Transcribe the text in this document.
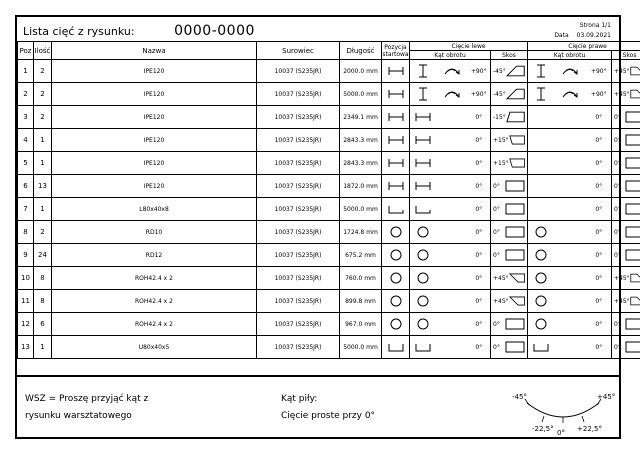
Lista cięć z rysunku:	0000-0000	Strona 1/1
Data 03.09.2021
Poz	Ilość	Nazwa	Surowiec	Długość	Pozycja
startowa	Cięcie lewe				Cięcie prawe			
						Kąt obrotu			Skos	Kąt obrotu			Skos
1	2	IPE120	10037 (S235JR)	2000.0 mm				+90°	-45°			+90°	+45°

2	2	IPE120	10037 (S235JR)	5000.0 mm				+90°	-45°			+90°	+45°

3	2	IPE120	10037 (S235JR)	2349.1 mm				0°	-15°			0°	0°

4	1	IPE120	10037 (S235JR)	2843.3 mm				0°	+15°			0°	0°

5	1	IPE120	10037 (S235JR)	2843.3 mm				0°	+15°			0°	0°

6	13	IPE120	10037 (S235JR)	1872.0 mm				0°	0°			0°	0°

7	1	L80x40x8	10037 (S235JR)	5000.0 mm				0°	0°			0°	0°

8	2	RD10	10037 (S235JR)	1724.8 mm				0°	0°			0°	0°

9	24	RD12	10037 (S235JR)	675.2 mm				0°	0°			0°	0°

10	8	ROH42.4 x 2	10037 (S235JR)	760.0 mm				0°	+45°			0°	+45°

11	8	ROH42.4 x 2	10037 (S235JR)	899.8 mm				0°	+45°			0°	+45°

12	6	ROH42.4 x 2	10037 (S235JR)	967.0 mm				0°	0°			0°	0°

13	1	U80x40x5	10037 (S235JR)	5000.0 mm				0°	0°			0°	0°
WSZ = Proszę przyjąć kąt z
rysunku warsztatowego
Kąt piły:
Cięcie proste przy 0°
-45°
-22,5° 0° +22,5°
+45°
